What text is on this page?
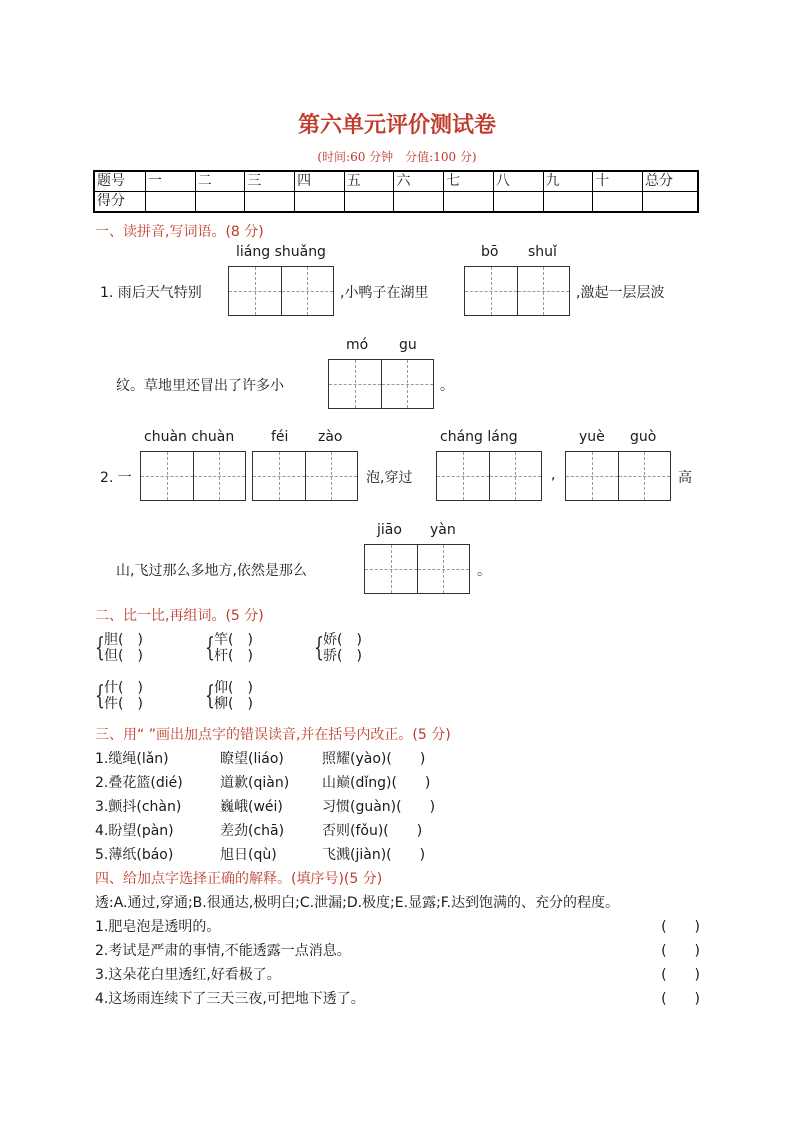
第六单元评价测试卷
(时间:60 分钟　分值:100 分)
题号	一	二	三	四	五	六	七	八	九	十	总分
得分											
一、读拼音,写词语。(8 分)
liáng shuǎng
1. 雨后天气特别	,小鸭子在湖里
bō shuǐ
,激起一层层波
mó gu
纹。草地里还冒出了许多小	。
chuàn chuàn	féi zào	cháng láng	yuè guò
2. 一	泡,穿过	,	高
jiāo yàn
山,飞过那么多地方,依然是那么	。
二、比一比,再组词。(5 分)
{ 胆(　)
但(　) { 竿(　)
杆(　) { 娇(　)
骄(　)
{ 什(　)
件(　) { 仰(　)
柳(　)
三、用“ ”画出加点字的错误读音,并在括号内改正。(5 分)
1.缆绳(lǎn)	瞭望(liáo)	照耀(yào)(　　)
2.叠花篮(dié)	道歉(qiàn) 山巅(dǐng)(　　)
3.颤抖(chàn)	巍峨(wéi)	习惯(guàn)(　　)
4.盼望(pàn)	差劲(chā)	否则(fǒu)(　　)
5.薄纸(báo)	旭日(qù)	飞溅(jiàn)(　　)
四、给加点字选择正确的解释。(填序号)(5 分)
透:A.通过,穿通;B.很通达,极明白;C.泄漏;D.极度;E.显露;F.达到饱满的、充分的程度。
1.肥皂泡是透明的。	(　　)
2.考试是严肃的事情,不能透露一点消息。	(　　)
3.这朵花白里透红,好看极了。	(　　)
4.这场雨连续下了三天三夜,可把地下透了。	(　　)
